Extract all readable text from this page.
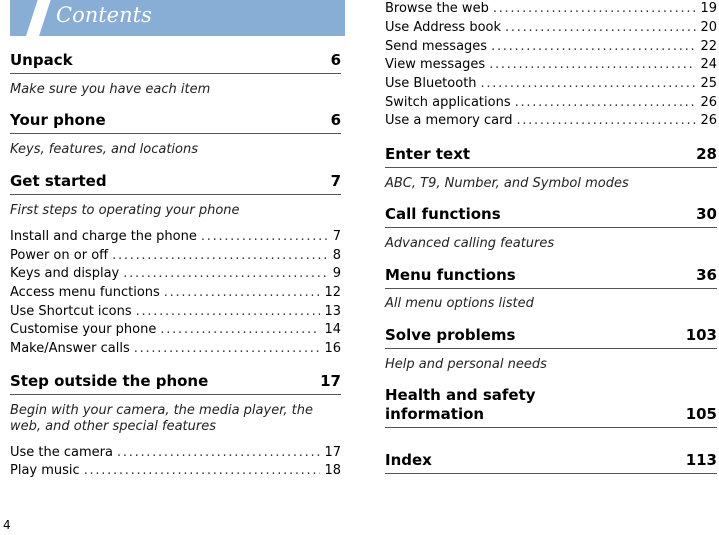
Contents
Unpack	6
Make sure you have each item
Your phone	6
Keys, features, and locations
Get started	7
First steps to operating your phone
Install and charge the phone . . .	7
Power on or off . . .	8
Keys and display . . .	9
Access menu functions . . .	12
Use Shortcut icons . . .	13
Customise your phone . . .	14
Make/Answer calls . . .	16
Step outside the phone	17
Begin with your camera, the media player, the web, and other special features
Use the camera . . .	17
Play music . . .	18
Browse the web . . .	19
Use Address book . . .	20
Send messages . . .	22
View messages . . .	24
Use Bluetooth . . .	25
Switch applications . . .	26
Use a memory card . . .	26
Enter text	28
ABC, T9, Number, and Symbol modes
Call functions	30
Advanced calling features
Menu functions	36
All menu options listed
Solve problems	103
Help and personal needs
Health and safety
information	105
Index	113
4
